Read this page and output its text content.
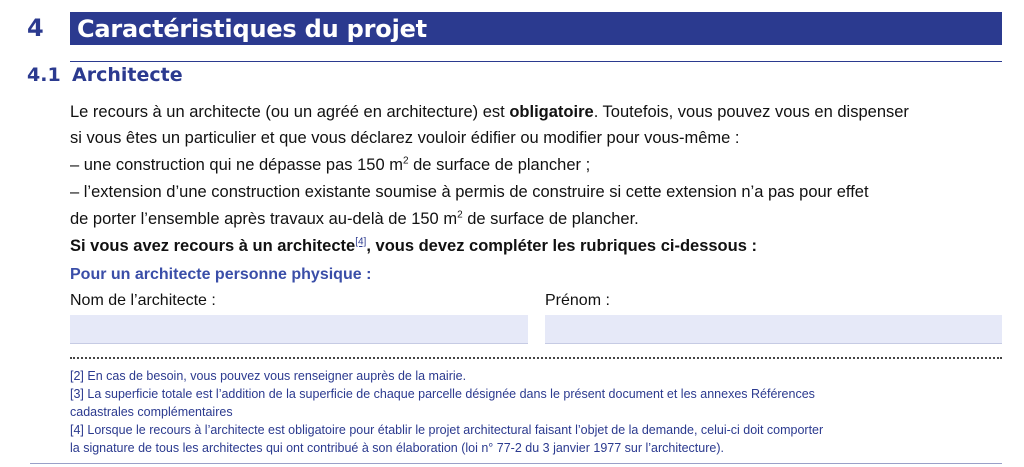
4 Caractéristiques du projet
4.1 Architecte
Le recours à un architecte (ou un agréé en architecture) est obligatoire. Toutefois, vous pouvez vous en dispenser
si vous êtes un particulier et que vous déclarez vouloir édifier ou modifier pour vous-même :
– une construction qui ne dépasse pas 150 $m^2$ de surface de plancher ;
– l’extension d’une construction existante soumise à permis de construire si cette extension n’a pas pour effet
de porter l’ensemble après travaux au-delà de 150 $m^2$ de surface de plancher.
Si vous avez recours à un architecte[4], vous devez compléter les rubriques ci-dessous :
Pour un architecte personne physique :
Nom de l’architecte :	Prénom :
[2] En cas de besoin, vous pouvez vous renseigner auprès de la mairie.
[3] La superficie totale est l’addition de la superficie de chaque parcelle désignée dans le présent document et les annexes Références
cadastrales complémentaires
[4] Lorsque le recours à l’architecte est obligatoire pour établir le projet architectural faisant l’objet de la demande, celui-ci doit comporter
la signature de tous les architectes qui ont contribué à son élaboration (loi n° 77-2 du 3 janvier 1977 sur l’architecture).
